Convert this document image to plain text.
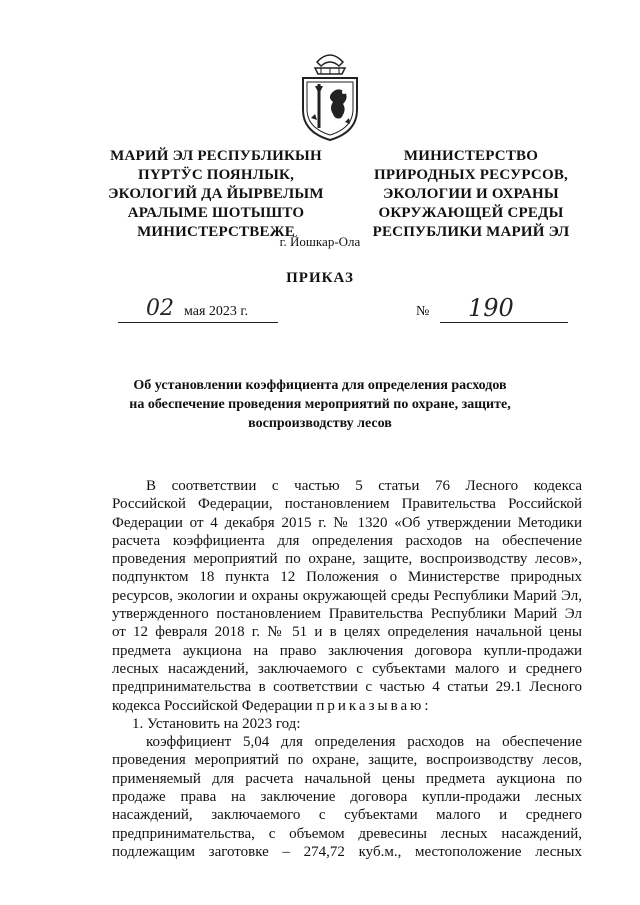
МАРИЙ ЭЛ РЕСПУБЛИКЫН
ПҮРТӰС ПОЯНЛЫК,
ЭКОЛОГИЙ ДА ЙЫРВЕЛЫМ
АРАЛЫМЕ ШОТЫШТО
МИНИСТЕРСТВЕЖЕ
МИНИСТЕРСТВО
ПРИРОДНЫХ РЕСУРСОВ,
ЭКОЛОГИИ И ОХРАНЫ
ОКРУЖАЮЩЕЙ СРЕДЫ
РЕСПУБЛИКИ МАРИЙ ЭЛ
г. Йошкар-Ола
ПРИКАЗ
02 мая 2023 г.	№ 190
Об установлении коэффициента для определения расходов
на обеспечение проведения мероприятий по охране, защите,
воспроизводству лесов
В соответствии с частью 5 статьи 76 Лесного кодекса
Российской Федерации, постановлением Правительства Российской
Федерации от 4 декабря 2015 г. № 1320 «Об утверждении Методики
расчета коэффициента для определения расходов на обеспечение
проведения мероприятий по охране, защите, воспроизводству лесов»,
подпунктом 18 пункта 12 Положения о Министерстве природных
ресурсов, экологии и охраны окружающей среды Республики Марий Эл,
утвержденного постановлением Правительства Республики Марий Эл
от 12 февраля 2018 г. № 51 и в целях определения начальной цены
предмета аукциона на право заключения договора купли-продажи
лесных насаждений, заключаемого с субъектами малого и среднего
предпринимательства в соответствии с частью 4 статьи 29.1 Лесного
кодекса Российской Федерации приказываю:
1. Установить на 2023 год:
коэффициент 5,04 для определения расходов на обеспечение
проведения мероприятий по охране, защите, воспроизводству лесов,
применяемый для расчета начальной цены предмета аукциона по
продаже права на заключение договора купли-продажи лесных
насаждений, заключаемого с субъектами малого и среднего
предпринимательства, с объемом древесины лесных насаждений,
подлежащим заготовке – 274,72 куб.м., местоположение лесных
